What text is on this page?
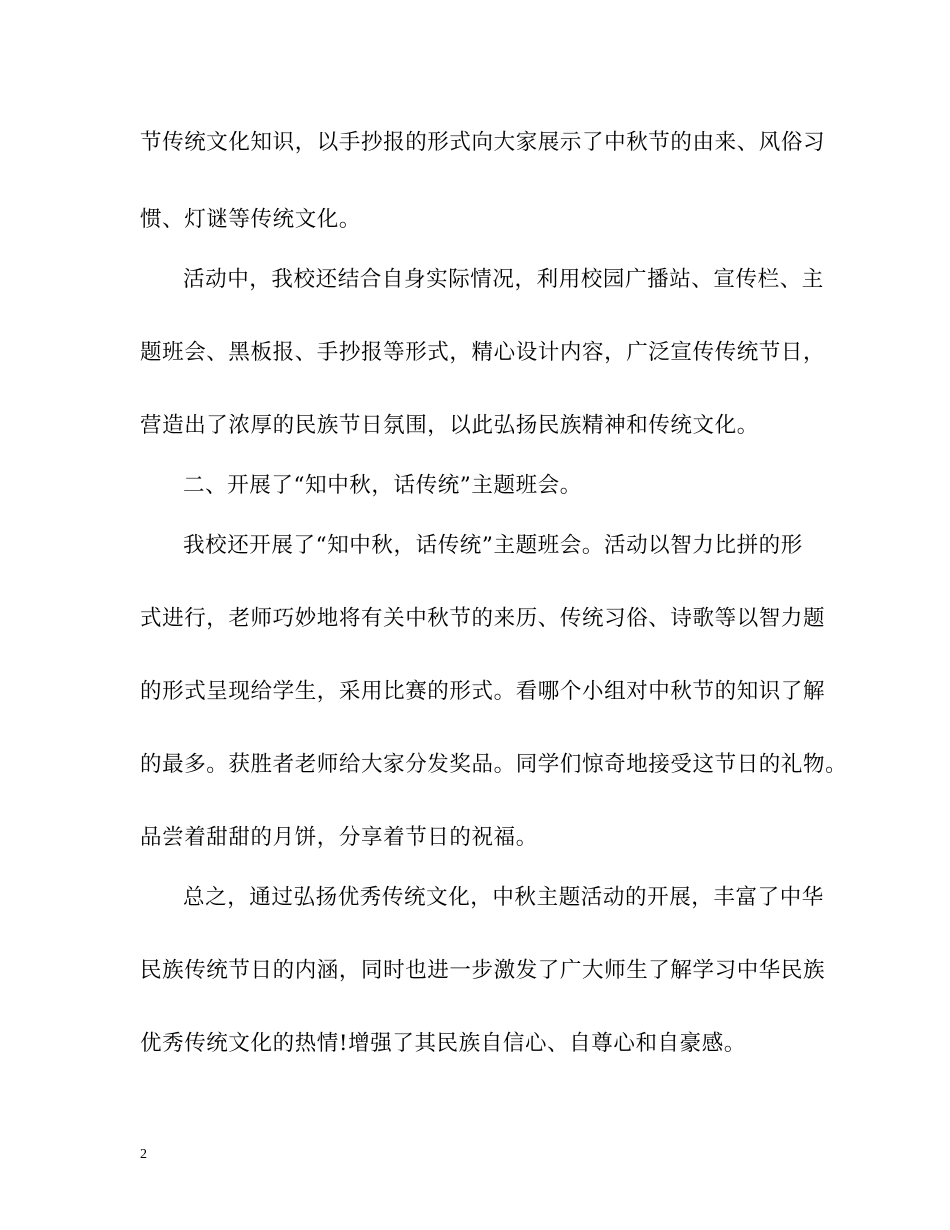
节传统文化知识，以手抄报的形式向大家展示了中秋节的由来、风俗习
惯、灯谜等传统文化。
活动中，我校还结合自身实际情况，利用校园广播站、宣传栏、主
题班会、黑板报、手抄报等形式，精心设计内容，广泛宣传传统节日，
营造出了浓厚的民族节日氛围，以此弘扬民族精神和传统文化。
二、开展了“知中秋，话传统”主题班会。
我校还开展了“知中秋，话传统”主题班会。活动以智力比拼的形
式进行，老师巧妙地将有关中秋节的来历、传统习俗、诗歌等以智力题
的形式呈现给学生，采用比赛的形式。看哪个小组对中秋节的知识了解
的最多。获胜者老师给大家分发奖品。同学们惊奇地接受这节日的礼物。
品尝着甜甜的月饼，分享着节日的祝福。
总之，通过弘扬优秀传统文化，中秋主题活动的开展，丰富了中华
民族传统节日的内涵，同时也进一步激发了广大师生了解学习中华民族
优秀传统文化的热情!增强了其民族自信心、自尊心和自豪感。
2
